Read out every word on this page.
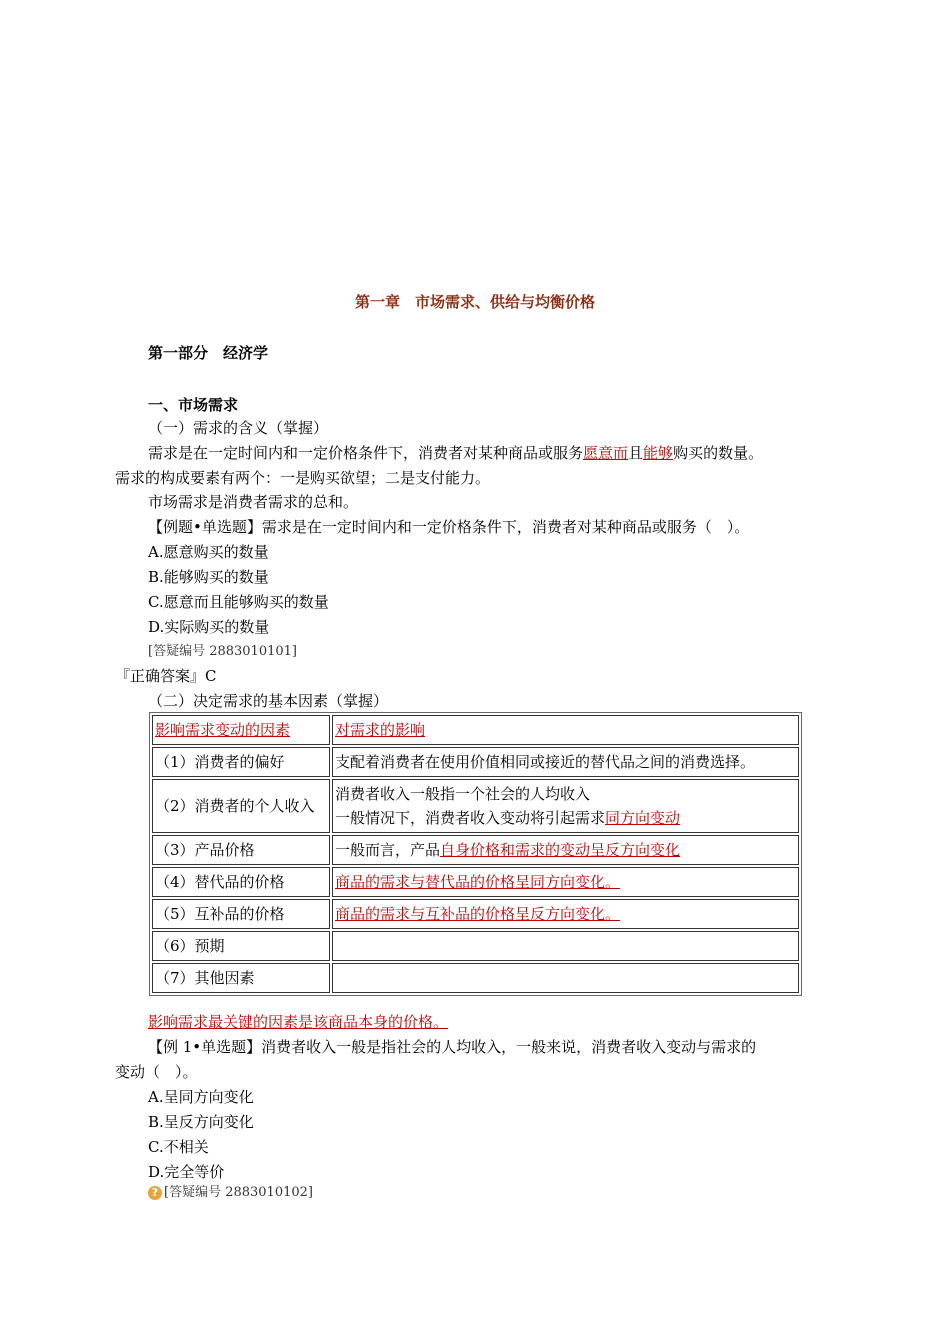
第一章　市场需求、供给与均衡价格
第一部分　经济学
一、市场需求
（一）需求的含义（掌握）
需求是在一定时间内和一定价格条件下，消费者对某种商品或服务愿意而且能够购买的数量。
需求的构成要素有两个：一是购买欲望；二是支付能力。
市场需求是消费者需求的总和。
【例题•单选题】需求是在一定时间内和一定价格条件下，消费者对某种商品或服务（　）。
A.愿意购买的数量
B.能够购买的数量
C.愿意而且能够购买的数量
D.实际购买的数量
[答疑编号 2883010101]
『正确答案』C
（二）决定需求的基本因素（掌握）
影响需求变动的因素	对需求的影响
（1）消费者的偏好	支配着消费者在使用价值相同或接近的替代品之间的消费选择。
（2）消费者的个人收入	消费者收入一般指一个社会的人均收入
一般情况下，消费者收入变动将引起需求同方向变动

（3）产品价格	一般而言，产品自身价格和需求的变动呈反方向变化
（4）替代品的价格	商品的需求与替代品的价格呈同方向变化。
（5）互补品的价格	商品的需求与互补品的价格呈反方向变化。
（6）预期	
（7）其他因素	
影响需求最关键的因素是该商品本身的价格。
【例 1•单选题】消费者收入一般是指社会的人均收入，一般来说，消费者收入变动与需求的
变动（　）。
A.呈同方向变化
B.呈反方向变化
C.不相关
D.完全等价
? [答疑编号 2883010102]
